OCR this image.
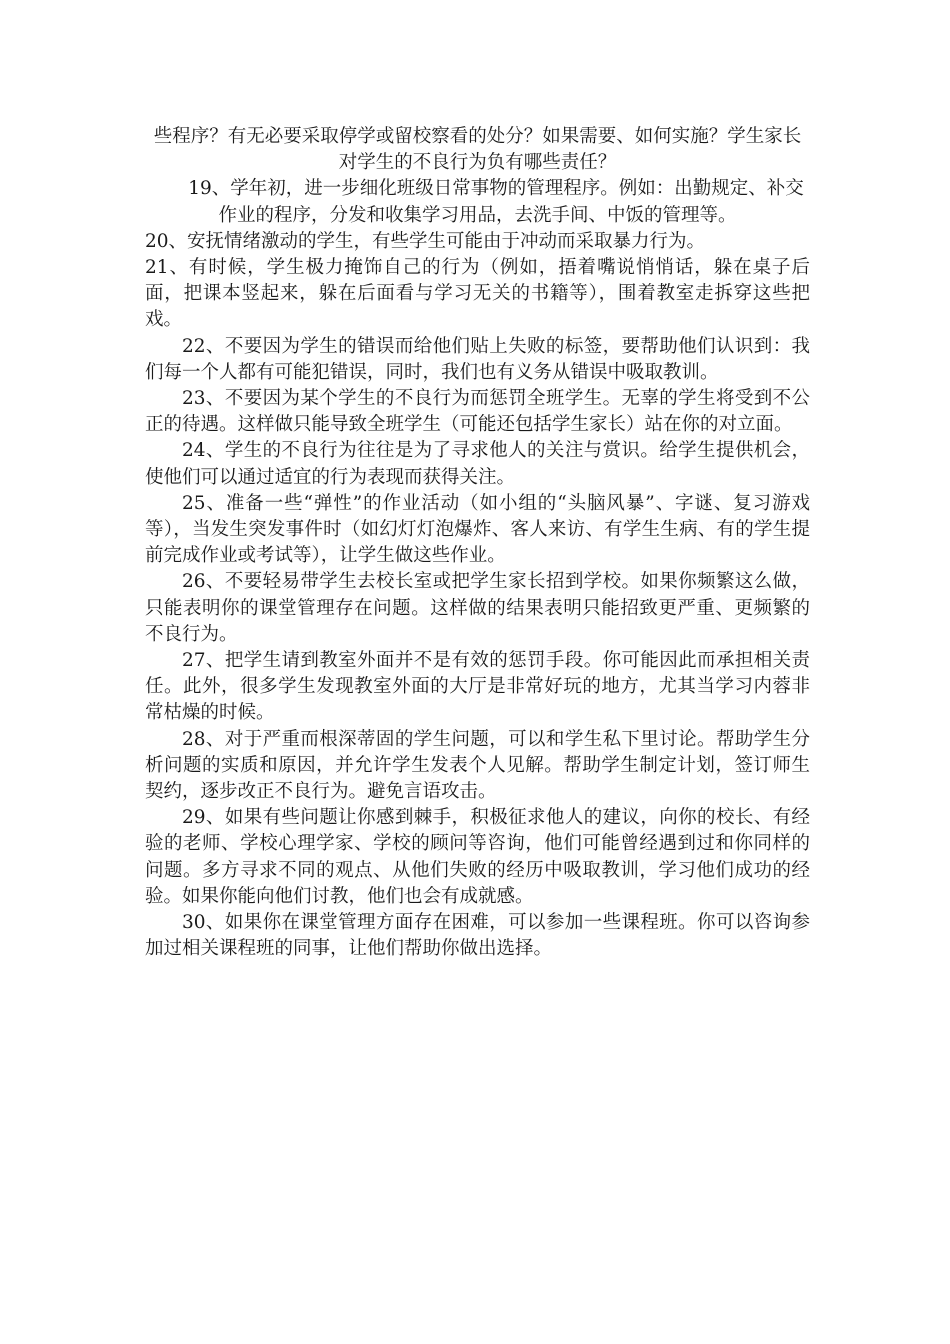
些程序？有无必要采取停学或留校察看的处分？如果需要、如何实施？学生家长对学生的不良行为负有哪些责任？

19、学年初，进一步细化班级日常事物的管理程序。例如：出勤规定、补交作业的程序，分发和收集学习用品，去洗手间、中饭的管理等。

20、安抚情绪激动的学生，有些学生可能由于冲动而采取暴力行为。

21、有时候，学生极力掩饰自己的行为（例如，捂着嘴说悄悄话，躲在桌子后面，把课本竖起来，躲在后面看与学习无关的书籍等），围着教室走拆穿这些把戏。

22、不要因为学生的错误而给他们贴上失败的标签，要帮助他们认识到：我们每一个人都有可能犯错误，同时，我们也有义务从错误中吸取教训。

23、不要因为某个学生的不良行为而惩罚全班学生。无辜的学生将受到不公正的待遇。这样做只能导致全班学生（可能还包括学生家长）站在你的对立面。

24、学生的不良行为往往是为了寻求他人的关注与赏识。给学生提供机会，使他们可以通过适宜的行为表现而获得关注。

25、准备一些“弹性”的作业活动（如小组的“头脑风暴”、字谜、复习游戏等），当发生突发事件时（如幻灯灯泡爆炸、客人来访、有学生生病、有的学生提前完成作业或考试等），让学生做这些作业。

26、不要轻易带学生去校长室或把学生家长招到学校。如果你频繁这么做，只能表明你的课堂管理存在问题。这样做的结果表明只能招致更严重、更频繁的不良行为。

27、把学生请到教室外面并不是有效的惩罚手段。你可能因此而承担相关责任。此外，很多学生发现教室外面的大厅是非常好玩的地方，尤其当学习内蓉非常枯燥的时候。

28、对于严重而根深蒂固的学生问题，可以和学生私下里讨论。帮助学生分析问题的实质和原因，并允许学生发表个人见解。帮助学生制定计划，签订师生契约，逐步改正不良行为。避免言语攻击。

29、如果有些问题让你感到棘手，积极征求他人的建议，向你的校长、有经验的老师、学校心理学家、学校的顾问等咨询，他们可能曾经遇到过和你同样的问题。多方寻求不同的观点、从他们失败的经历中吸取教训，学习他们成功的经验。如果你能向他们讨教，他们也会有成就感。

30、如果你在课堂管理方面存在困难，可以参加一些课程班。你可以咨询参加过相关课程班的同事，让他们帮助你做出选择。
